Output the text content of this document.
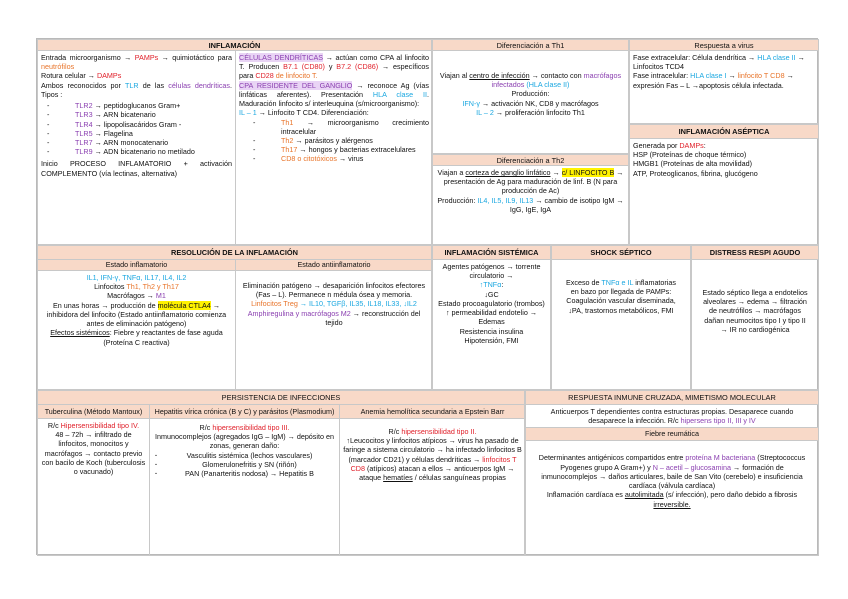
INFLAMACIÓN
Entrada microorganismo → PAMPs → quimiotáctico para neutrófilos
Rotura celular → DAMPs
Ambos reconocidos por TLR de las células dendríticas. Tipos :
- TLR2 → peptidoglucanos Gram+
- TLR3 → ARN bicatenario
- TLR4 → lipopolisacáridos Gram -
- TLR5 → Flagelina
- TLR7 → ARN monocatenario
- TLR9 → ADN bicatenario no metilado
Inicio PROCESO INFLAMATORIO + activación COMPLEMENTO (vía lectinas, alternativa)
CÉLULAS DENDRÍTICAS → actúan como CPA al linfocito T. Producen B7.1 (CD80) y B7.2 (CD86) → específicos para CD28 de linfocito T.
CPA RESIDENTE DEL GANGLIO → reconoce Ag (vías linfáticas aferentes). Presentación HLA clase II. Maduración linfocito s/ interleuquina (s/microorganismo):
IL – 1 → Linfocito T CD4. Diferenciación:
- Th1 → microorganismo crecimiento intracelular
- Th2 → parásitos y alérgenos
- Th17 → hongos y bacterias extracelulares
- CD8 o citotóxicos → virus
Diferenciación a Th1
Viajan al centro de infección → contacto con macrófagos infectados (HLA clase II)
Producción:
IFN-γ → activación NK, CD8 y macrófagos
IL – 2 → proliferación linfocito Th1
Diferenciación a Th2
Viajan a corteza de ganglio linfático → c/ LINFOCITO B → presentación de Ag para maduración de linf. B (N para producción de Ac)
Producción: IL4, IL5, IL9, IL13 → cambio de isotipo IgM → IgG, IgE, IgA
Respuesta a virus
Fase extracelular: Célula dendrítica → HLA clase II → Linfocitos TCD4
Fase intracelular: HLA clase I → linfocito T CD8 → expresión Fas – L →apoptosis célula infectada.
INFLAMACIÓN ASÉPTICA
Generada por DAMPs:
HSP (Proteínas de choque térmico)
HMGB1 (Proteínas de alta movilidad)
ATP, Proteoglicanos, fibrina, glucógeno
RESOLUCIÓN DE LA INFLAMACIÓN
Estado inflamatorio
IL1, IFN-γ, TNFα, IL17, IL4, IL2
Linfocitos Th1, Th2 y Th17
Macrófagos → M1
En unas horas → producción de molécula CTLA4 → inhibidora del linfocito (Estado antiinflamatorio comienza antes de eliminación patógeno)
Efectos sistémicos: Fiebre y reactantes de fase aguda (Proteína C reactiva)
Estado antiinflamatorio
Eliminación patógeno → desaparición linfocitos efectores (Fas – L). Permanece n médula ósea y memoria.
Linfocitos Treg → IL10, TGFβ, IL35, IL18, IL33, ↓IL2
Amphiregulina y macrófagos M2 → reconstrucción del tejido
INFLAMACIÓN SISTÉMICA
Agentes patógenos → torrente circulatorio →
↑TNFα:
↓GC
Estado procoagulatorio (trombos)
↑ permeabilidad endotelio → Edemas
Resistencia insulina
Hipotensión, FMI
SHOCK SÉPTICO
Exceso de TNFα e IL inflamatorias en bazo por llegada de PAMPs: Coagulación vascular diseminada, ↓PA, trastornos metabólicos, FMI
DISTRESS RESPI AGUDO
Estado séptico llega a endotelios alveolares → edema → filtración de neutrófilos → macrófagos dañan neumocitos tipo I y tipo II → IR no cardiogénica
PERSISTENCIA DE INFECCIONES
Tuberculina (Método Mantoux)
R/c Hipersensibilidad tipo IV.
48 – 72h → infiltrado de linfocitos, monocitos y macrófagos → contacto previo con bacilo de Koch (tuberculosis o vacunado)
Hepatitis vírica crónica (B y C) y parásitos (Plasmodium)
R/c hipersensibilidad tipo III.
Inmunocomplejos (agregados IgG – IgM) → depósito en zonas, generan daño:
· Vasculitis sistémica (lechos vasculares)
· Glomerulonefritis y SN (riñón)
· PAN (Panarteritis nodosa) → Hepatitis B
Anemia hemolítica secundaria a Epstein Barr
R/c hipersensibilidad tipo II.
↑Leucocitos y linfocitos atípicos → virus ha pasado de faringe a sistema circulatorio → ha infectado linfocitos B (marcador CD21) y células dendríticas → linfocitos T CD8 (atípicos) atacan a ellos → anticuerpos IgM → ataque hematíes / células sanguíneas propias
RESPUESTA INMUNE CRUZADA, MIMETISMO MOLECULAR
Anticuerpos T dependientes contra estructuras propias. Desaparece cuando desaparece la infección. R/c hipersens tipo II, III y IV
Fiebre reumática
Determinantes antigénicos compartidos entre proteína M bacteriana (Streptococcus Pyogenes grupo A Gram+) y N – acetil – glucosamina → formación de inmunocomplejos → daños articulares, baile de San Vito (cerebelo) e insuficiencia cardíaca (válvula cardíaca)
Inflamación cardíaca es autolimitada (s/ infección), pero daño debido a fibrosis irreversible.
